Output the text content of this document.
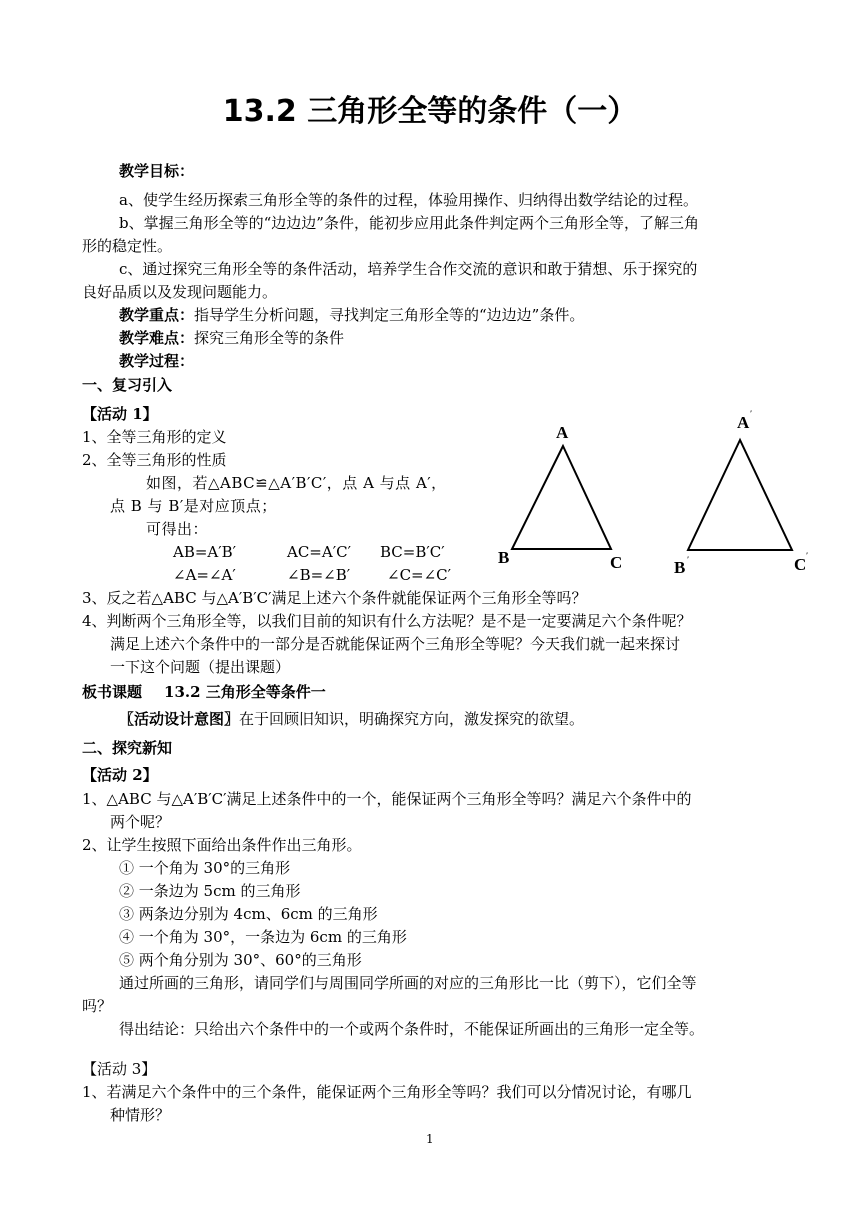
13.2 三角形全等的条件（一）
教学目标：
a、使学生经历探索三角形全等的条件的过程，体验用操作、归纳得出数学结论的过程。
b、掌握三角形全等的“边边边”条件，能初步应用此条件判定两个三角形全等，了解三角
形的稳定性。
c、通过探究三角形全等的条件活动，培养学生合作交流的意识和敢于猜想、乐于探究的
良好品质以及发现问题能力。
教学重点：指导学生分析问题，寻找判定三角形全等的“边边边”条件。
教学难点：探究三角形全等的条件
教学过程：
一、复习引入
【活动 1】
1、全等三角形的定义
2、全等三角形的性质
如图，若△ABC≌△A′B′C′，点 A 与点 A′，
点 B 与 B′是对应顶点；
可得出：
AB=A′B′	AC=A′C′ BC=B′C′
∠A=∠A′	∠B=∠B′ ∠C=∠C′
A
B	C
A ′
B ′	C ′
3、反之若△ABC 与△A′B′C′满足上述六个条件就能保证两个三角形全等吗？
4、判断两个三角形全等，以我们目前的知识有什么方法呢？是不是一定要满足六个条件呢？
满足上述六个条件中的一部分是否就能保证两个三角形全等呢？今天我们就一起来探讨
一下这个问题（提出课题）
板书课题 13.2 三角形全等条件一
〖活动设计意图〗在于回顾旧知识，明确探究方向，激发探究的欲望。
二、探究新知
【活动 2】
1、△ABC 与△A′B′C′满足上述条件中的一个，能保证两个三角形全等吗？满足六个条件中的
两个呢？
2、让学生按照下面给出条件作出三角形。
① 一个角为 30°的三角形
② 一条边为 5cm 的三角形
③ 两条边分别为 4cm、6cm 的三角形
④ 一个角为 30°，一条边为 6cm 的三角形
⑤ 两个角分别为 30°、60°的三角形
通过所画的三角形，请同学们与周围同学所画的对应的三角形比一比（剪下），它们全等
吗？
得出结论：只给出六个条件中的一个或两个条件时，不能保证所画出的三角形一定全等。
【活动 3】
1、若满足六个条件中的三个条件，能保证两个三角形全等吗？我们可以分情况讨论，有哪几
种情形？
1
